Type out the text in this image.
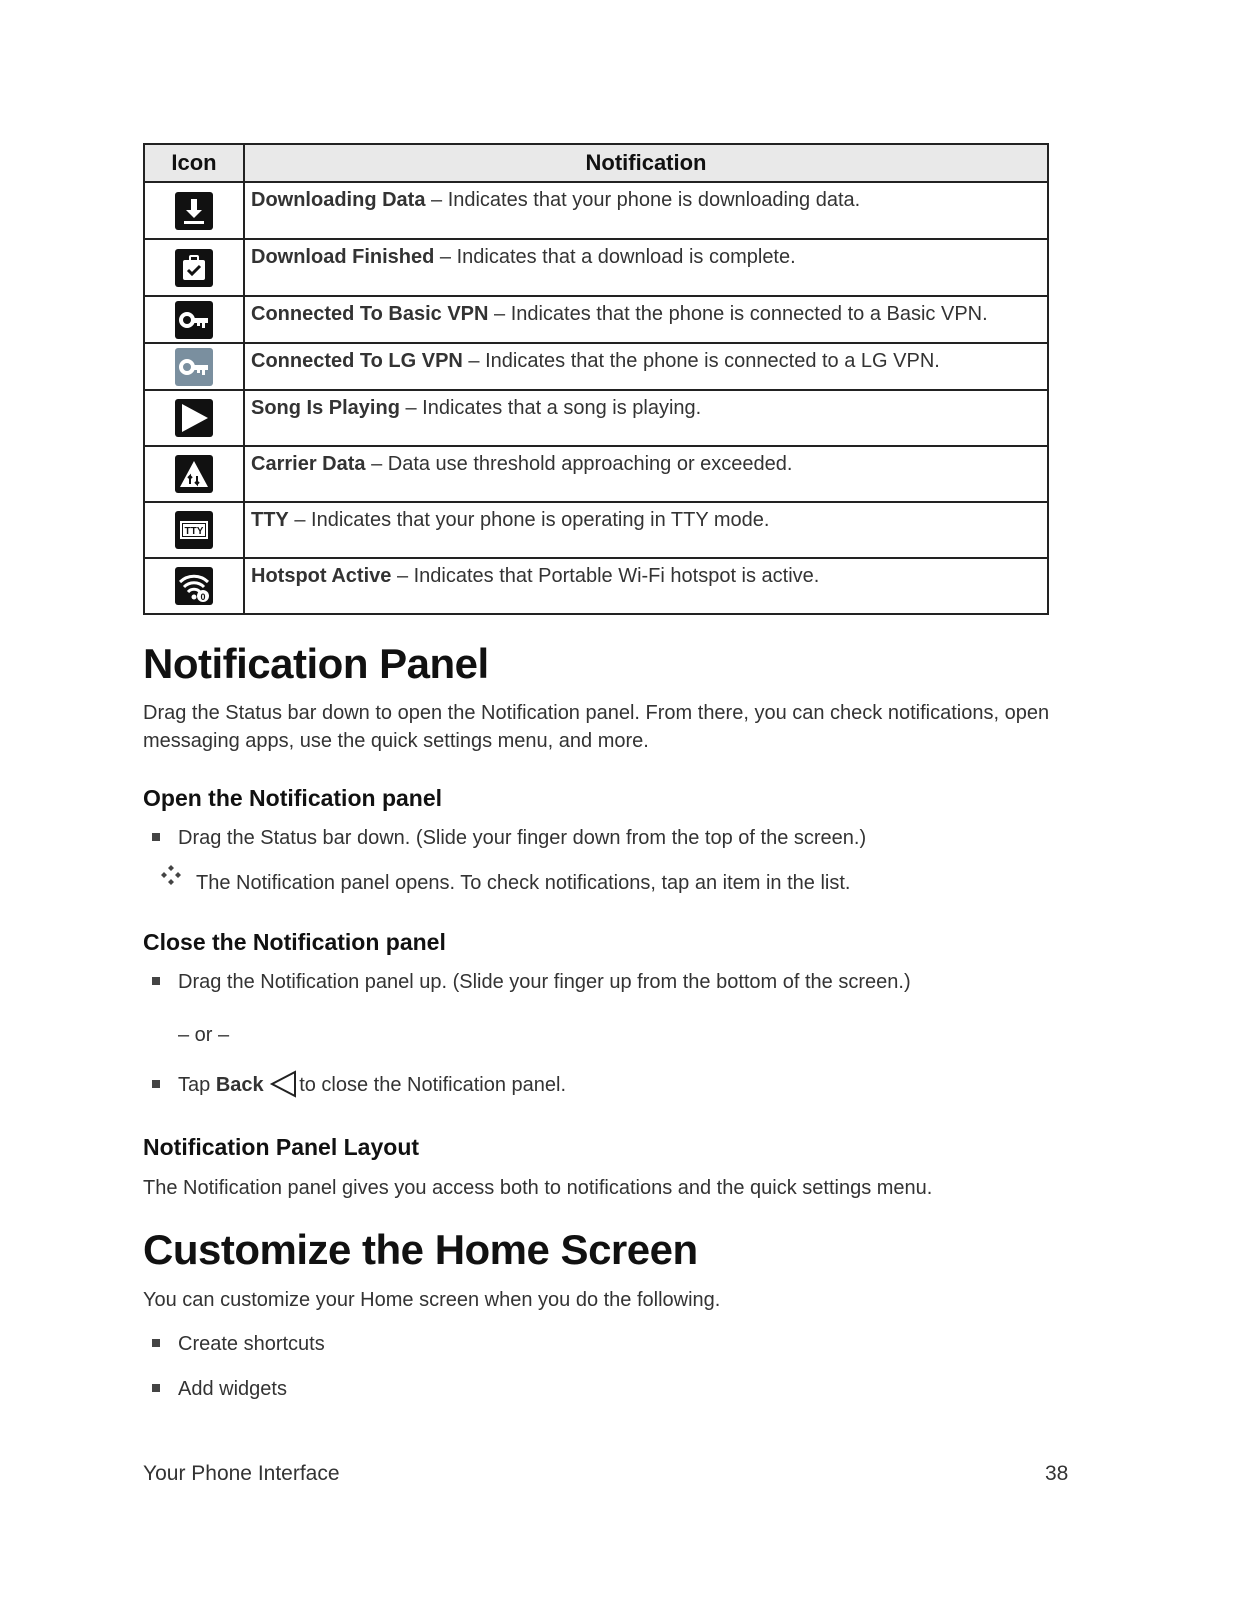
Icon	Notification

	Downloading Data – Indicates that your phone is downloading data.

	Download Finished – Indicates that a download is complete.

	Connected To Basic VPN – Indicates that the phone is connected to a Basic VPN.

	Connected To LG VPN – Indicates that the phone is connected to a LG VPN.

	Song Is Playing – Indicates that a song is playing.

	Carrier Data – Data use threshold approaching or exceeded.

TTY	TTY – Indicates that your phone is operating in TTY mode.

0	Hotspot Active – Indicates that Portable Wi-Fi hotspot is active.
Notification Panel

Drag the Status bar down to open the Notification panel. From there, you can check notifications, open messaging apps, use the quick settings menu, and more.

Open the Notification panel
Drag the Status bar down. (Slide your finger down from the top of the screen.)
The Notification panel opens. To check notifications, tap an item in the list.
Close the Notification panel
Drag the Notification panel up. (Slide your finger up from the bottom of the screen.)
– or –
Tap Back to close the Notification panel.
Notification Panel Layout

The Notification panel gives you access both to notifications and the quick settings menu.

Customize the Home Screen

You can customize your Home screen when you do the following.

Create shortcuts
Add widgets
Your Phone Interface	38
